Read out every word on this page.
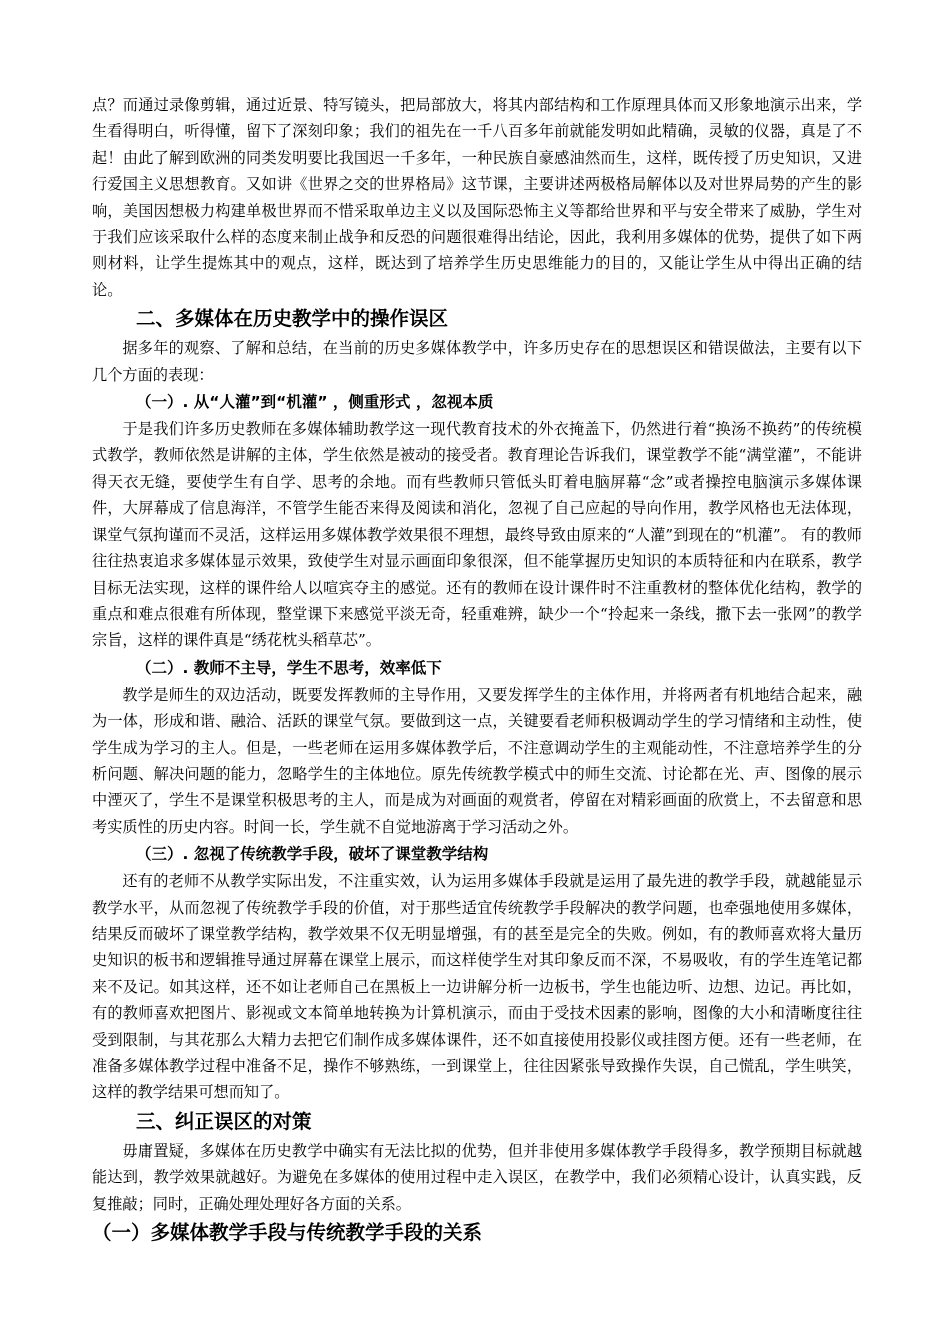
点？而通过录像剪辑，通过近景、特写镜头，把局部放大，将其内部结构和工作原理具体而又形象地演示出来，学生看得明白，听得懂，留下了深刻印象；我们的祖先在一千八百多年前就能发明如此精确，灵敏的仪器，真是了不起！由此了解到欧洲的同类发明要比我国迟一千多年，一种民族自豪感油然而生，这样，既传授了历史知识，又进行爱国主义思想教育。又如讲《世界之交的世界格局》这节课，主要讲述两极格局解体以及对世界局势的产生的影响，美国因想极力构建单极世界而不惜采取单边主义以及国际恐怖主义等都给世界和平与安全带来了威胁，学生对于我们应该采取什么样的态度来制止战争和反恐的问题很难得出结论，因此，我利用多媒体的优势，提供了如下两则材料，让学生提炼其中的观点，这样，既达到了培养学生历史思维能力的目的，又能让学生从中得出正确的结论。

二、多媒体在历史教学中的操作误区

据多年的观察、了解和总结，在当前的历史多媒体教学中，许多历史存在的思想误区和错误做法，主要有以下几个方面的表现：

（一）. 从“人灌”到“机灌” ，侧重形式 ，忽视本质

于是我们许多历史教师在多媒体辅助教学这一现代教育技术的外衣掩盖下，仍然进行着“换汤不换药”的传统模式教学，教师依然是讲解的主体，学生依然是被动的接受者。教育理论告诉我们，课堂教学不能“满堂灌”，不能讲得天衣无缝，要使学生有自学、思考的余地。而有些教师只管低头盯着电脑屏幕“念”或者操控电脑演示多媒体课件，大屏幕成了信息海洋，不管学生能否来得及阅读和消化，忽视了自己应起的导向作用，教学风格也无法体现，课堂气氛拘谨而不灵活，这样运用多媒体教学效果很不理想，最终导致由原来的“人灌”到现在的“机灌”。 有的教师往往热衷追求多媒体显示效果，致使学生对显示画面印象很深，但不能掌握历史知识的本质特征和内在联系，教学目标无法实现，这样的课件给人以喧宾夺主的感觉。还有的教师在设计课件时不注重教材的整体优化结构，教学的重点和难点很难有所体现，整堂课下来感觉平淡无奇，轻重难辨，缺少一个“拎起来一条线，撒下去一张网”的教学宗旨，这样的课件真是“绣花枕头稻草芯”。

（二）. 教师不主导，学生不思考，效率低下

教学是师生的双边活动，既要发挥教师的主导作用，又要发挥学生的主体作用，并将两者有机地结合起来，融为一体，形成和谐、融洽、活跃的课堂气氛。要做到这一点，关键要看老师积极调动学生的学习情绪和主动性，使学生成为学习的主人。但是，一些老师在运用多媒体教学后，不注意调动学生的主观能动性，不注意培养学生的分析问题、解决问题的能力，忽略学生的主体地位。原先传统教学模式中的师生交流、讨论都在光、声、图像的展示中湮灭了，学生不是课堂积极思考的主人，而是成为对画面的观赏者，停留在对精彩画面的欣赏上，不去留意和思考实质性的历史内容。时间一长，学生就不自觉地游离于学习活动之外。

（三）. 忽视了传统教学手段，破坏了课堂教学结构

还有的老师不从教学实际出发，不注重实效，认为运用多媒体手段就是运用了最先进的教学手段，就越能显示教学水平，从而忽视了传统教学手段的价值，对于那些适宜传统教学手段解决的教学问题，也牵强地使用多媒体，结果反而破坏了课堂教学结构，教学效果不仅无明显增强，有的甚至是完全的失败。例如，有的教师喜欢将大量历史知识的板书和逻辑推导通过屏幕在课堂上展示，而这样使学生对其印象反而不深，不易吸收，有的学生连笔记都来不及记。如其这样，还不如让老师自己在黑板上一边讲解分析一边板书，学生也能边听、边想、边记。再比如，有的教师喜欢把图片、影视或文本简单地转换为计算机演示，而由于受技术因素的影响，图像的大小和清晰度往往受到限制，与其花那么大精力去把它们制作成多媒体课件，还不如直接使用投影仪或挂图方便。还有一些老师，在准备多媒体教学过程中准备不足，操作不够熟练，一到课堂上，往往因紧张导致操作失误，自己慌乱，学生哄笑，这样的教学结果可想而知了。

三、纠正误区的对策

毋庸置疑，多媒体在历史教学中确实有无法比拟的优势，但并非使用多媒体教学手段得多，教学预期目标就越能达到，教学效果就越好。为避免在多媒体的使用过程中走入误区，在教学中，我们必须精心设计，认真实践，反复推敲；同时，正确处理处理好各方面的关系。

（一）多媒体教学手段与传统教学手段的关系
